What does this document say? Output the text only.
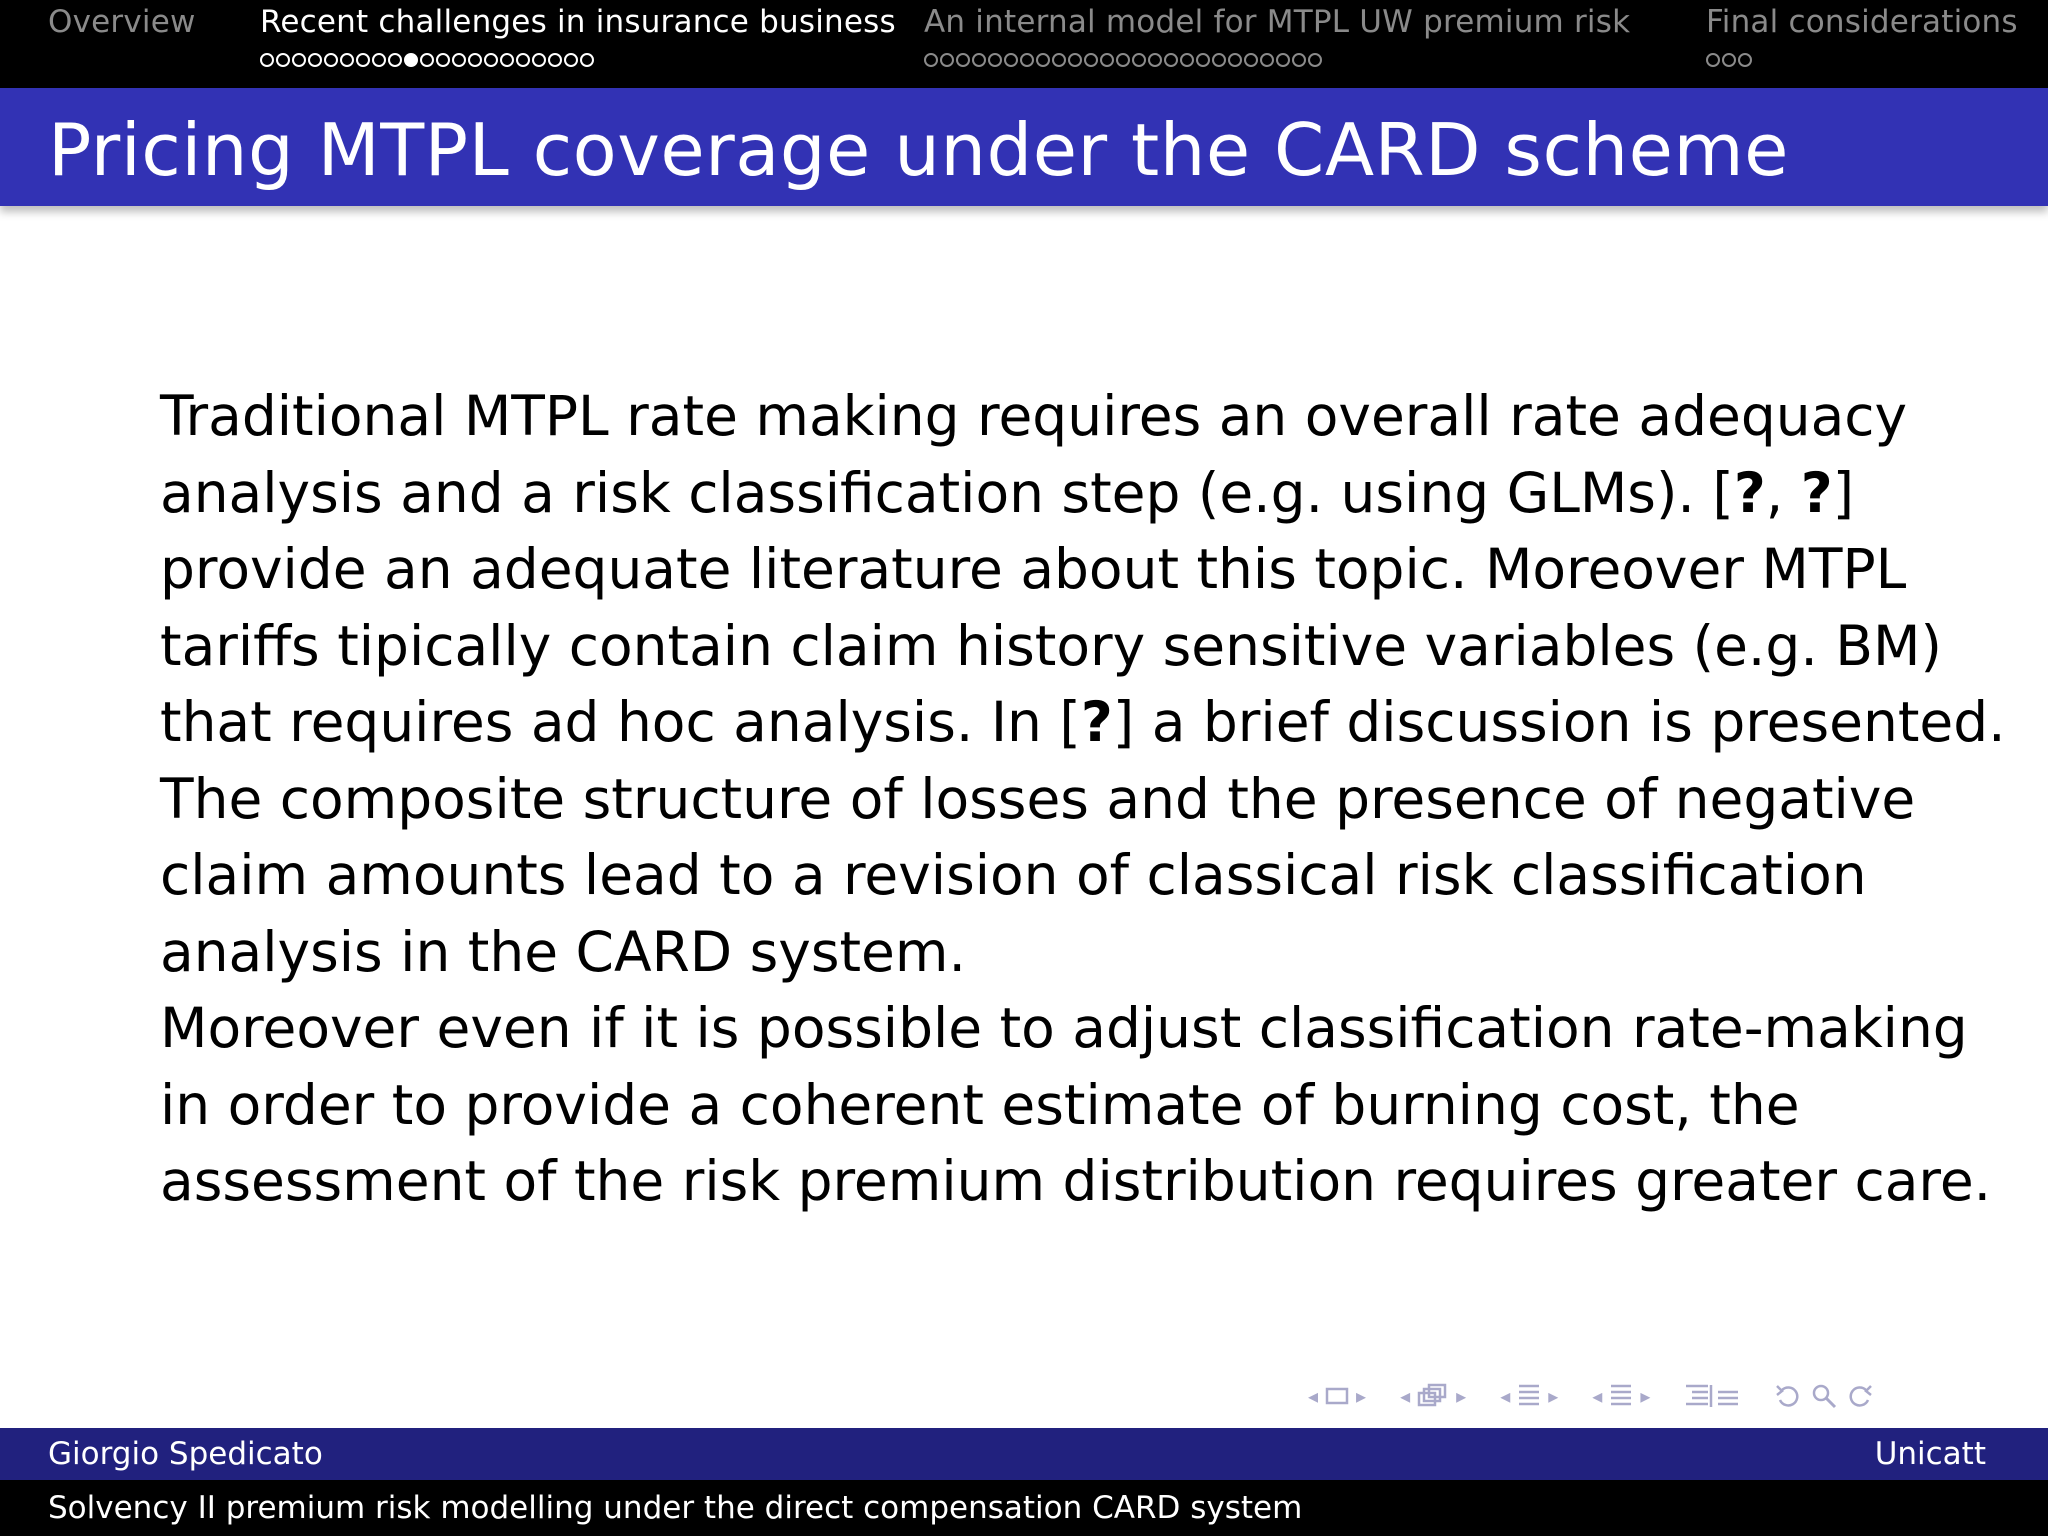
Overview Recent challenges in insurance business An internal model for MTPL UW premium risk Final considerations
Pricing MTPL coverage under the CARD scheme

Traditional MTPL rate making requires an overall rate adequacy
analysis and a risk classification step (e.g. using GLMs). [?, ?]
provide an adequate literature about this topic. Moreover MTPL
tariffs tipically contain claim history sensitive variables (e.g. BM)
that requires ad hoc analysis. In [?] a brief discussion is presented.
The composite structure of losses and the presence of negative
claim amounts lead to a revision of classical risk classification
analysis in the CARD system.

Moreover even if it is possible to adjust classification rate-making
in order to provide a coherent estimate of burning cost, the
assessment of the risk premium distribution requires greater care.

◂ ▸ ◂ ▸ ◂ ▸ ◂ ▸
Giorgio Spedicato	Unicatt
Solvency II premium risk modelling under the direct compensation CARD system
